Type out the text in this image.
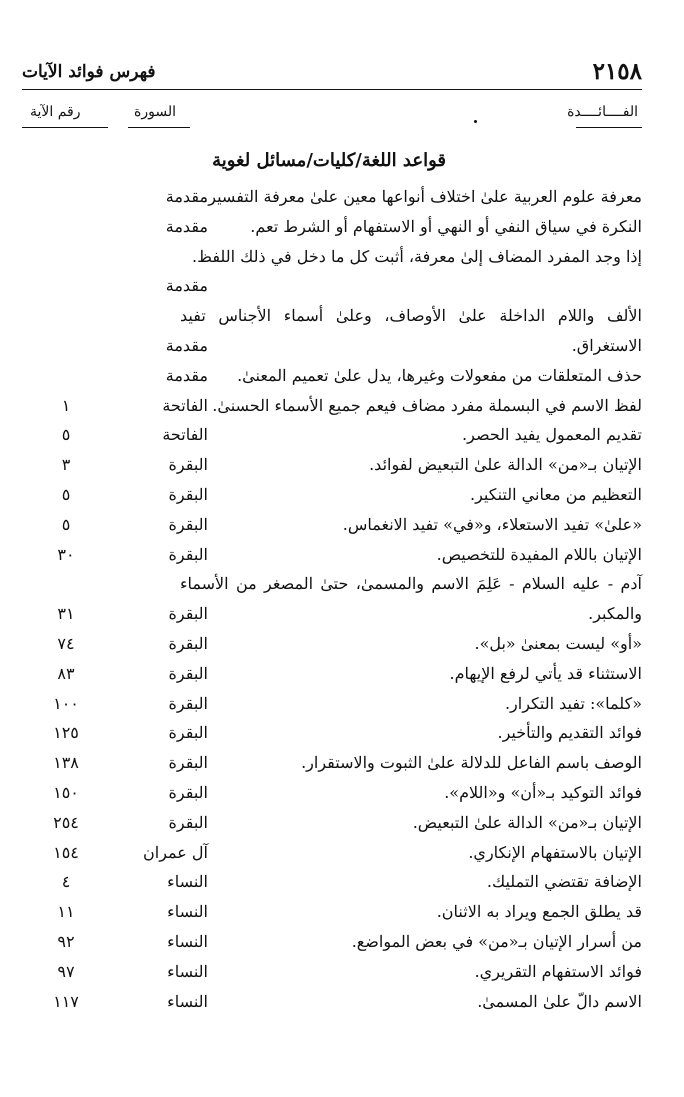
٢١٥٨
فهرس فوائد الآيات
الفــــائــــدة
السورة
رقم الآية
قواعد اللغة/كليات/مسائل لغوية
معرفة علوم العربية علىٰ اختلاف أنواعها معين علىٰ معرفة التفسير.
مقدمة
النكرة في سياق النفي أو النهي أو الاستفهام أو الشرط تعم.
مقدمة
إذا وجد المفرد المضاف إلىٰ معرفة، أثبت كل ما دخل في ذلك اللفظ.
مقدمة
الألف واللام الداخلة علىٰ الأوصاف، وعلىٰ أسماء الأجناس تفيد الاستغراق.
مقدمة
حذف المتعلقات من مفعولات وغيرها، يدل علىٰ تعميم المعنىٰ.
مقدمة
لفظ الاسم في البسملة مفرد مضاف فيعم جميع الأسماء الحسنىٰ.
الفاتحة
١
تقديم المعمول يفيد الحصر.
الفاتحة
٥
الإتيان بـ«من» الدالة علىٰ التبعيض لفوائد.
البقرة
٣
التعظيم من معاني التنكير.
البقرة
٥
«علىٰ» تفيد الاستعلاء، و«في» تفيد الانغماس.
البقرة
٥
الإتيان باللام المفيدة للتخصيص.
البقرة
٣٠
آدم - عليه السلام - عَلِمَ الاسم والمسمىٰ، حتىٰ المصغر من الأسماء والمكبر.
البقرة
٣١
«أو» ليست بمعنىٰ «بل».
البقرة
٧٤
الاستثناء قد يأتي لرفع الإيهام.
البقرة
٨٣
«كلما»: تفيد التكرار.
البقرة
١٠٠
فوائد التقديم والتأخير.
البقرة
١٢٥
الوصف باسم الفاعل للدلالة علىٰ الثبوت والاستقرار.
البقرة
١٣٨
فوائد التوكيد بـ«أن» و«اللام».
البقرة
١٥٠
الإتيان بـ«من» الدالة علىٰ التبعيض.
البقرة
٢٥٤
الإتيان بالاستفهام الإنكاري.
آل عمران
١٥٤
الإضافة تقتضي التمليك.
النساء
٤
قد يطلق الجمع ويراد به الاثنان.
النساء
١١
من أسرار الإتيان بـ«من» في بعض المواضع.
النساء
٩٢
فوائد الاستفهام التقريري.
النساء
٩٧
الاسم دالّ علىٰ المسمىٰ.
النساء
١١٧
